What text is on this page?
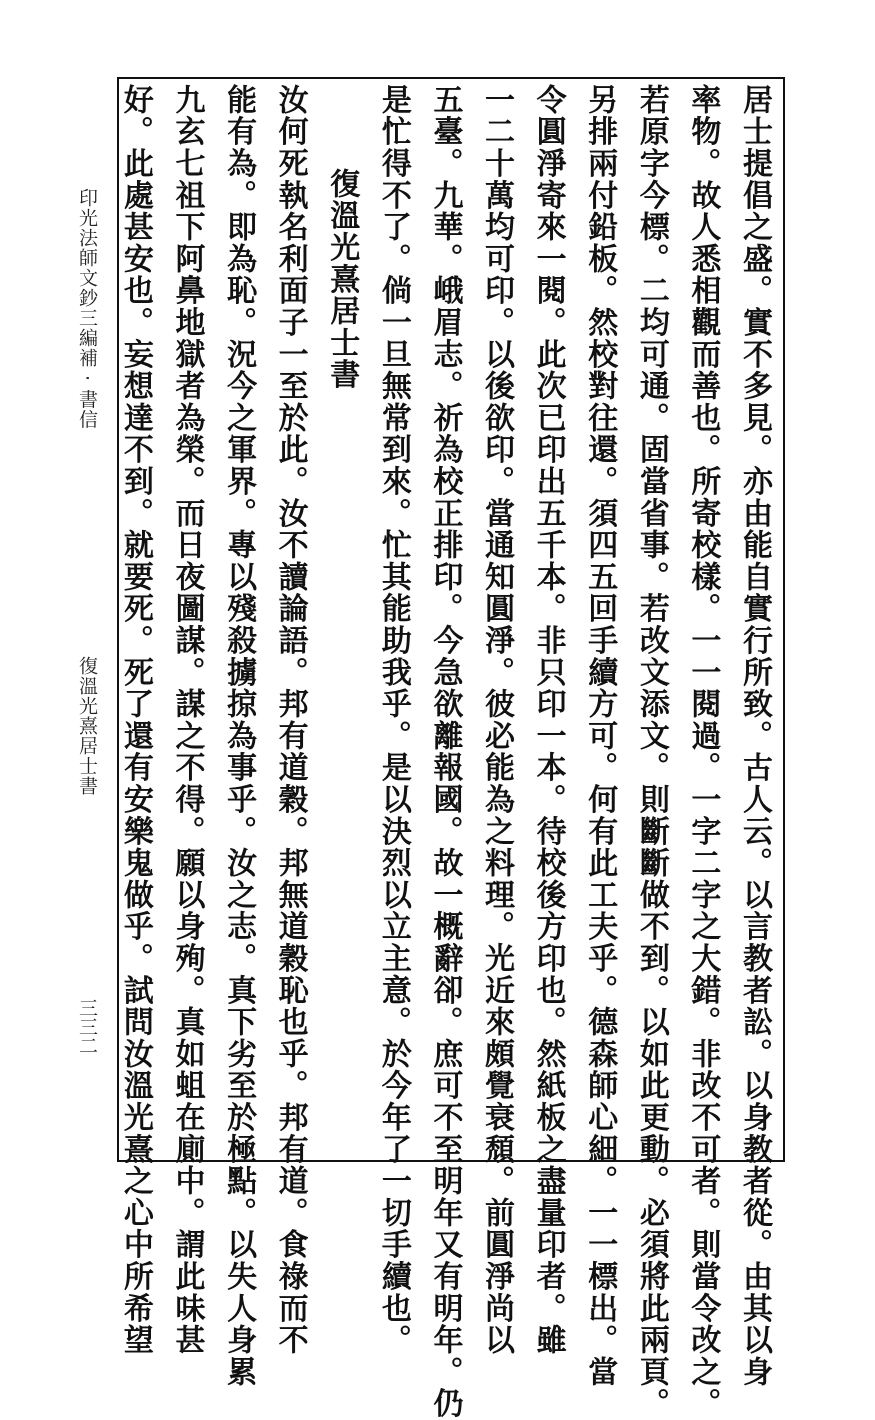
印光法師文鈔三編補 · 書信
復溫光熹居士書
三三二	居士提倡之盛。實不多見。亦由能自實行所致。古人云。以言教者訟。以身教者從。由其以身
率物。故人悉相觀而善也。所寄校樣。一一閱過。一字二字之大錯。非改不可者。則當令改之。
若原字今標。二均可通。固當省事。若改文添文。則斷斷做不到。以如此更動。必須將此兩頁。
另排兩付鉛板。然校對往還。須四五回手續方可。何有此工夫乎。德森師心細。一一標出。當
令圓淨寄來一閱。此次已印出五千本。非只印一本。待校後方印也。然紙板之盡量印者。雖
一二十萬均可印。以後欲印。當通知圓淨。彼必能為之料理。光近來頗覺衰頹。前圓淨尚以
五臺。九華。峨眉志。祈為校正排印。今急欲離報國。故一概辭卻。庶可不至明年又有明年。仍
是忙得不了。倘一旦無常到來。忙其能助我乎。是以決烈以立主意。於今年了一切手續也。
復溫光熹居士書
汝何死執名利面子一至於此。汝不讀論語。邦有道穀。邦無道穀恥也乎。邦有道。食祿而不
能有為。即為恥。況今之軍界。專以殘殺擄掠為事乎。汝之志。真下劣至於極點。以失人身累
九玄七祖下阿鼻地獄者為榮。而日夜圖謀。謀之不得。願以身殉。真如蛆在廁中。謂此味甚
好。此處甚安也。妄想達不到。就要死。死了還有安樂鬼做乎。試問汝溫光熹之心中所希望
